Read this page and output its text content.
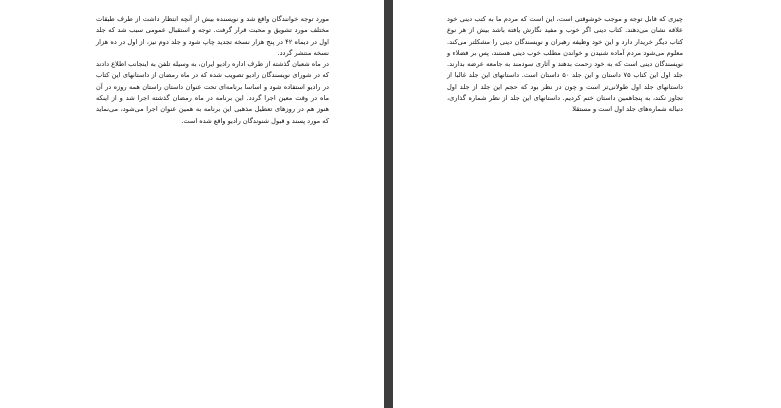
مورد توجه خوانندگان واقع شد و نویسنده بیش از آنچه انتظار داشت از طرف طبقات مختلف مورد تشویق و محبت قرار گرفت. توجه و استقبال عمومی سبب شد که جلد اول در دیماه ۴۲ در پنج هزار نسخه تجدید چاپ شود و جلد دوم نیز، از اول در ده هزار نسخه منتشر گردد.

در ماه شعبان گذشته از طرف اداره رادیو ایران، به وسیله تلفن به اینجانب اطلاع دادند که در شورای نویسندگان رادیو تصویب شده که در ماه رمضان از داستانهای این کتاب در رادیو استفاده شود و اساسا برنامه‌ای تحت عنوان داستان راستان همه روزه در آن ماه در وقت معین اجرا گردد. این برنامه در ماه رمضان گذشته اجرا شد و از اینکه هنوز هم در روزهای تعطیل مذهبی این برنامه به همین عنوان اجرا می‌شود، می‌نماید که مورد پسند و قبول شنوندگان رادیو واقع شده است.

چیزی که قابل توجه و موجب خوشوقتی است، این است که مردم ما به کتب دینی خود علاقه نشان می‌دهند. کتاب دینی اگر خوب و مفید نگارش یافته باشد بیش از هر نوع کتاب دیگر خریدار دارد و این خود وظیفه رهبران و نویسندگان دینی را مشکلتر می‌کند. معلوم می‌شود مردم آماده شنیدن و خواندن مطلب خوب دینی هستند، پس بر فضلاء و نویسندگان دینی است که به خود زحمت بدهند و آثاری سودمند به جامعه عرضه بدارند. جلد اول این کتاب ۷۵ داستان و این جلد ۵۰ داستان است. داستانهای این جلد غالبا از داستانهای جلد اول طولانی‌تر است و چون در نظر بود که حجم این جلد از جلد اول تجاوز نکند، به پنجاهمین داستان ختم کردیم. داستانهای این جلد از نظر شماره گذاری، دنباله شماره‌های جلد اول است و مستقلا
